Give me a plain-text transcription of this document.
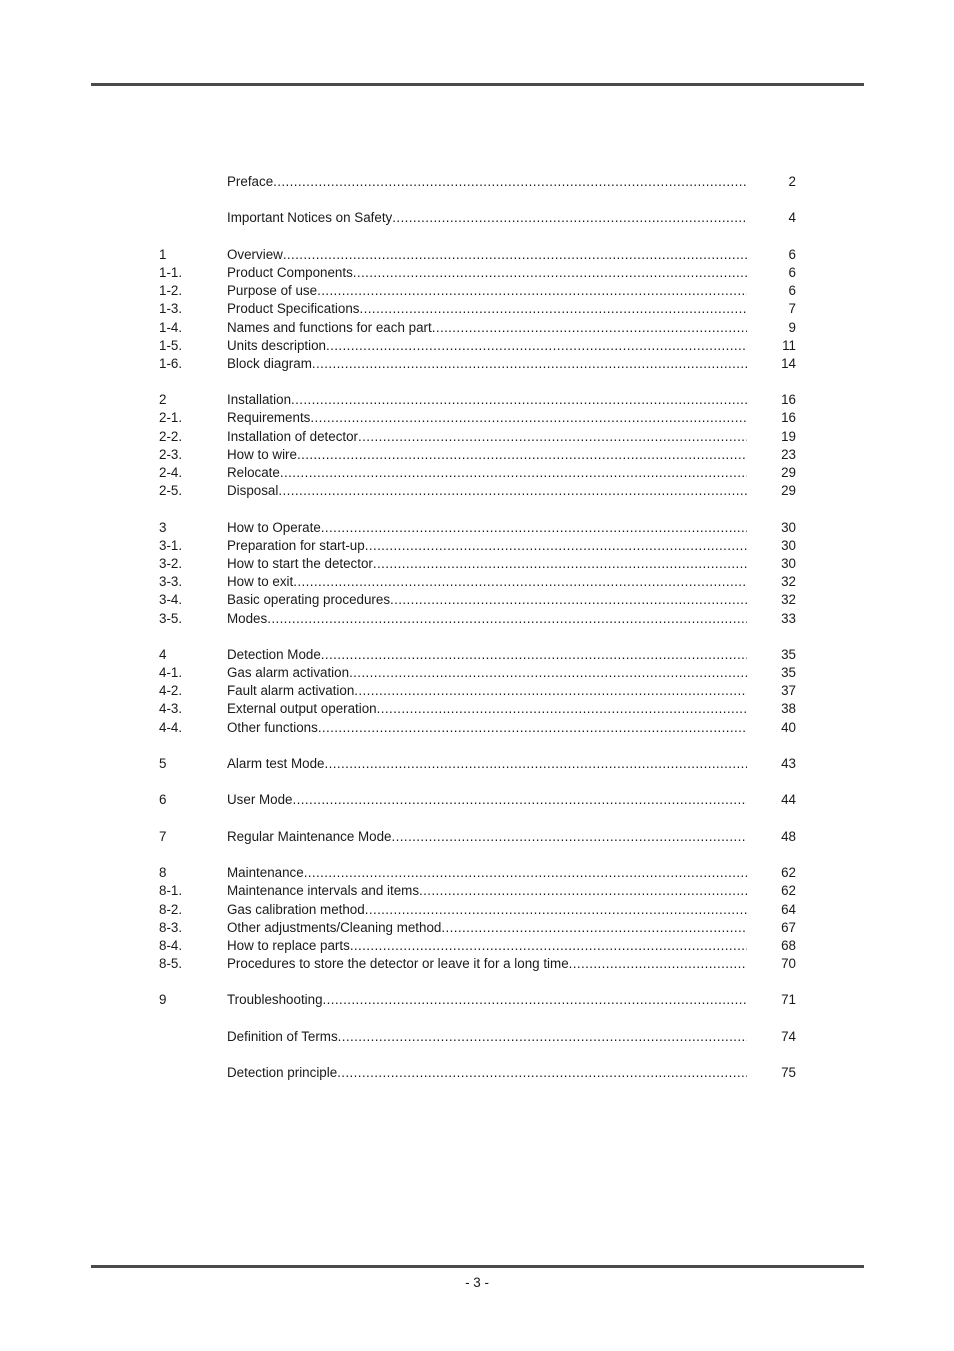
Preface .....	2
Important Notices on Safety .....	4
1	Overview .....	6
1-1.	Product Components .....	6
1-2.	Purpose of use .....	6
1-3.	Product Specifications .....	7
1-4.	Names and functions for each part .....	9
1-5.	Units description .....	11
1-6.	Block diagram .....	14
2	Installation .....	16
2-1.	Requirements .....	16
2-2.	Installation of detector .....	19
2-3.	How to wire .....	23
2-4.	Relocate .....	29
2-5.	Disposal .....	29
3	How to Operate .....	30
3-1.	Preparation for start-up .....	30
3-2.	How to start the detector .....	30
3-3.	How to exit .....	32
3-4.	Basic operating procedures .....	32
3-5.	Modes .....	33
4	Detection Mode .....	35
4-1.	Gas alarm activation .....	35
4-2.	Fault alarm activation .....	37
4-3.	External output operation .....	38
4-4.	Other functions .....	40
5	Alarm test Mode .....	43
6	User Mode .....	44
7	Regular Maintenance Mode .....	48
8	Maintenance .....	62
8-1.	Maintenance intervals and items .....	62
8-2.	Gas calibration method .....	64
8-3.	Other adjustments/Cleaning method .....	67
8-4.	How to replace parts .....	68
8-5.	Procedures to store the detector or leave it for a long time .....	70
9	Troubleshooting .....	71
Definition of Terms .....	74
Detection principle .....	75
- 3 -
